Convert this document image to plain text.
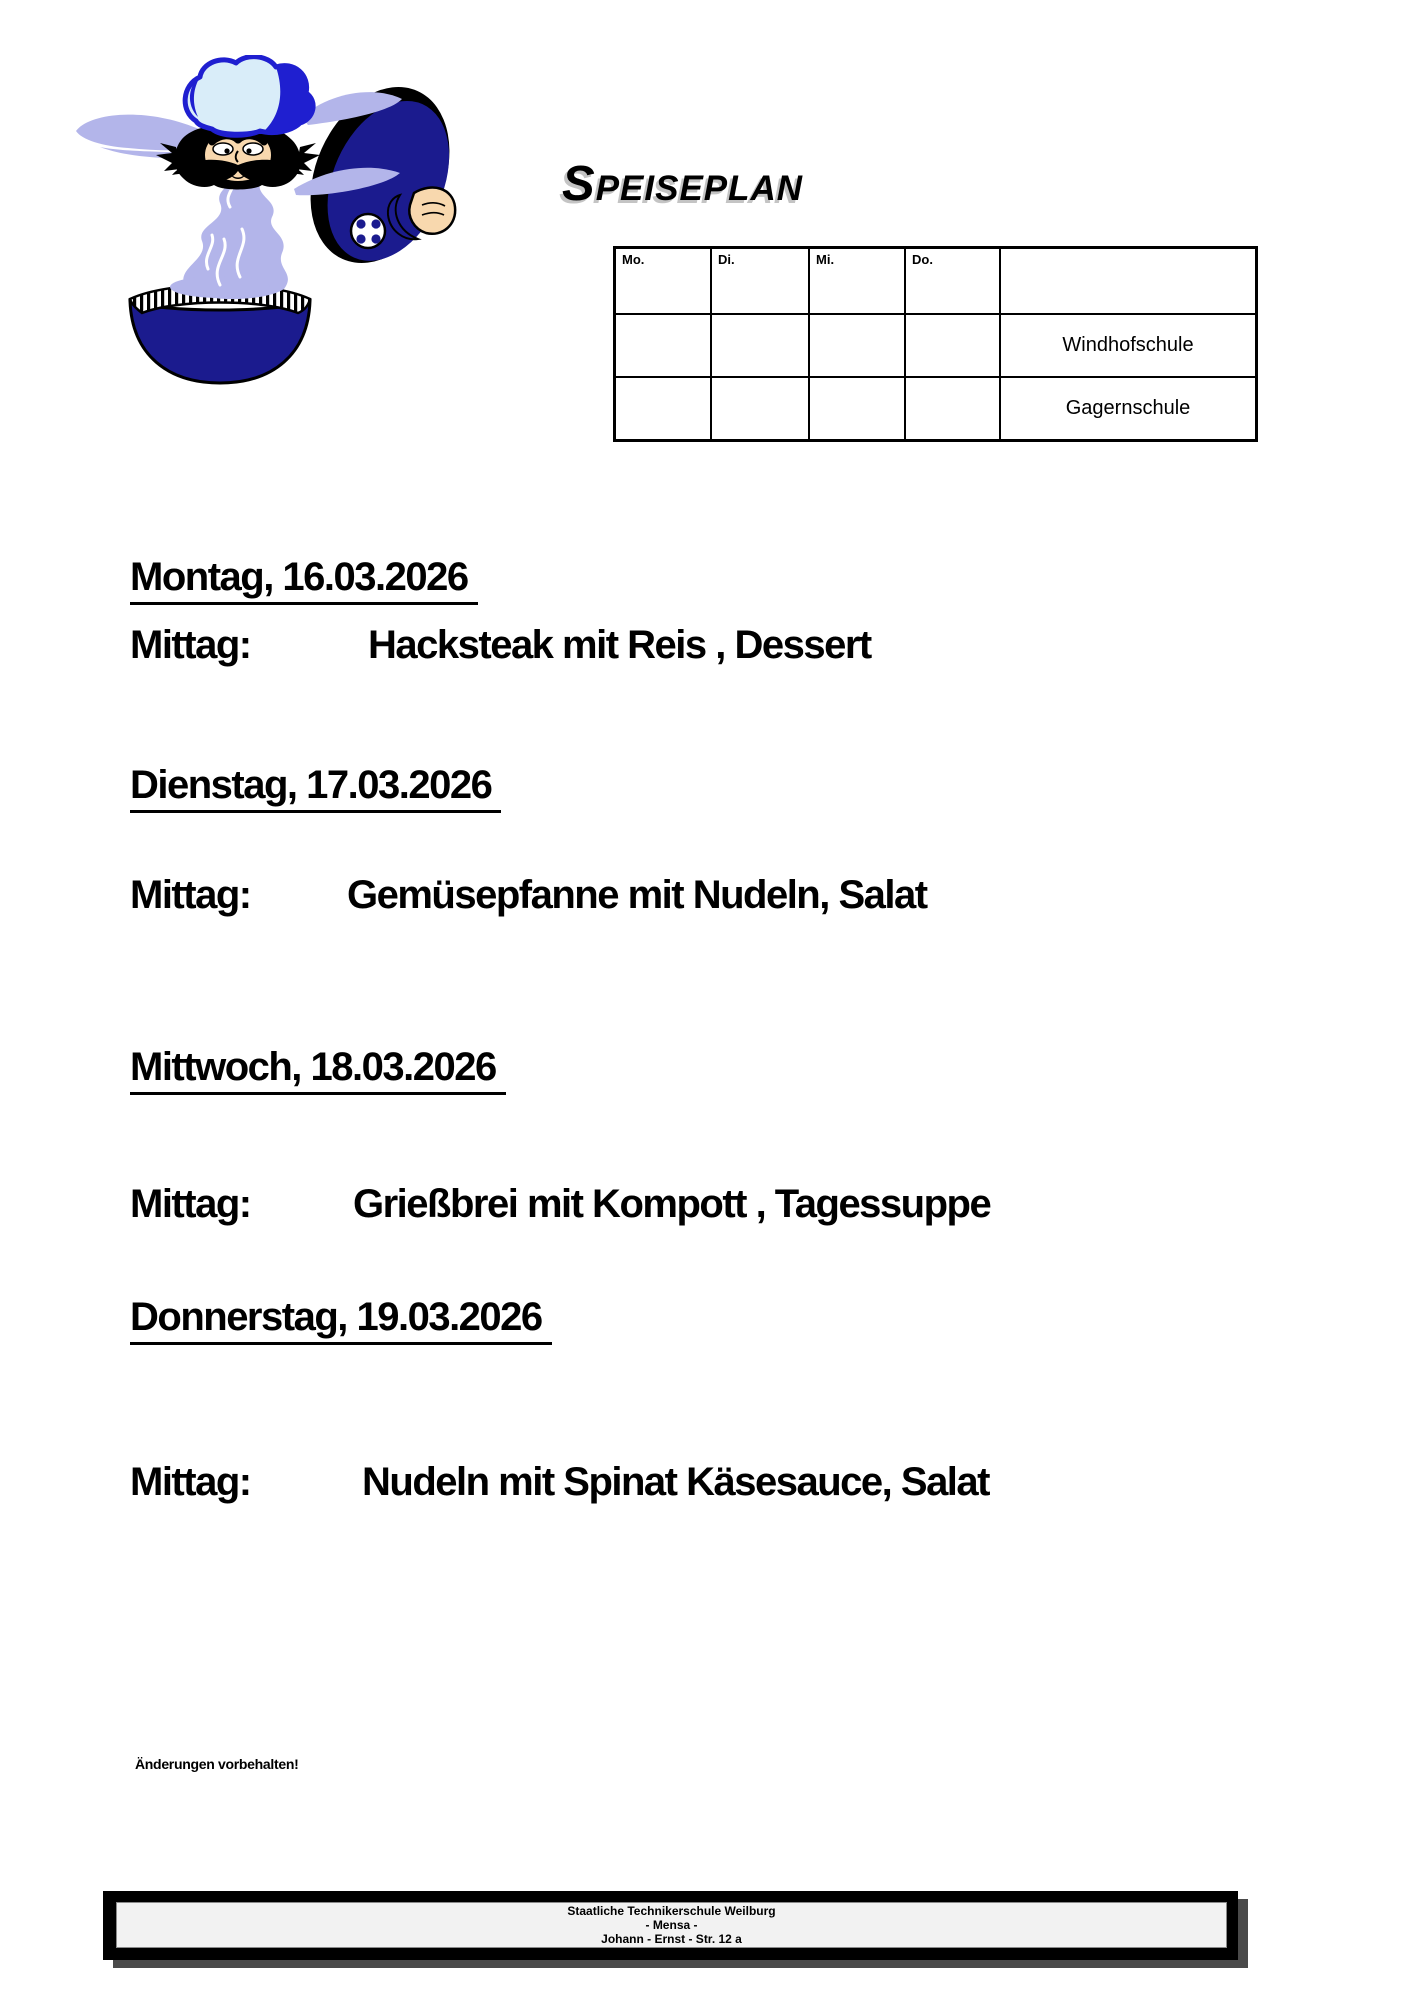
SPEISEPLAN
Mo.	Di.	Mi.	Do.	
				Windhofschule
				Gagernschule
Montag, 16.03.2026
Mittag:	Hacksteak mit Reis , Dessert
Dienstag, 17.03.2026
Mittag: Gemüsepfanne mit Nudeln, Salat
Mittwoch, 18.03.2026
Mittag:	Grießbrei mit Kompott , Tagessuppe
Donnerstag, 19.03.2026
Mittag:	Nudeln mit Spinat Käsesauce, Salat
Änderungen vorbehalten!
Staatliche Technikerschule Weilburg
- Mensa -
Johann - Ernst - Str. 12 a
